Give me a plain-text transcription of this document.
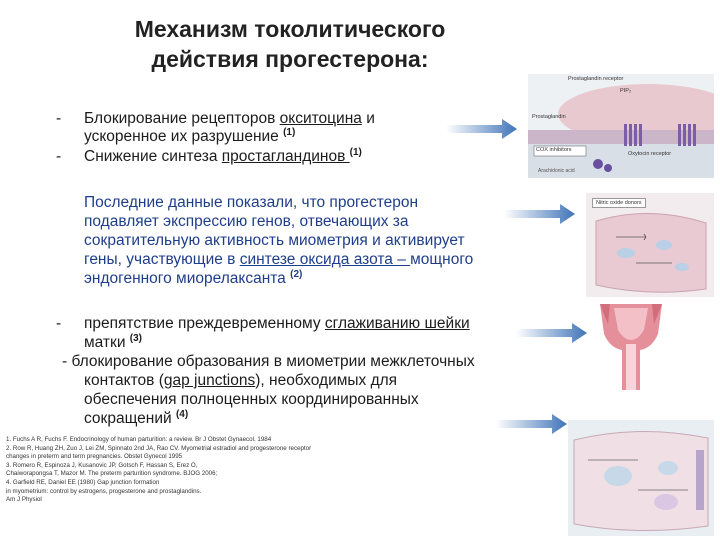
Механизм токолитического
действия прогестерона:
- Блокирование рецепторов окситоцина и
ускоренное их разрушение $^{(1)}$
- Снижение синтеза простагландинов $^{(1)}$
Последние данные показали, что прогестерон
подавляет экспрессию генов, отвечающих за
сократительную активность миометрия и активирует
гены, участвующие в синтезе оксида азота – мощного
эндогенного миорелаксанта $^{(2)}$
- препятствие преждевременному сглаживанию шейки
матки $^{(3)}$
- блокирование образования в миометрии межклеточных
контактов (gap junctions), необходимых для
обеспечения полноценных координированных
сокращений $^{(4)}$
1. Fuchs A R, Fuchs F. Endocrinology of human parturition: a review. Br J Obstet Gynaecol. 1984
2. Row R, Huang ZH, Zuo J, Lei ZM, Spinnato 2nd JA, Rao CV. Myometrial estradiol and progesterone receptor
changes in preterm and term pregnancies. Obstet Gynecol 1995
3. Romero R, Espinoza J, Kusanovic JP, Gotsch F, Hassan S, Erez O,
Chaiworapongsa T, Mazor M. The preterm parturition syndrome. BJOG 2006;
4. Garfield RE, Daniel EE (1980) Gap junction formation
in myometrium: control by estrogens, progesterone and prostaglandins.
Am J Physiol
Prostaglandin receptor
PIP₂
Prostaglandin
COX inhibitors
Oxytocin receptor
Arachidonic acid
Nitric oxide donors
